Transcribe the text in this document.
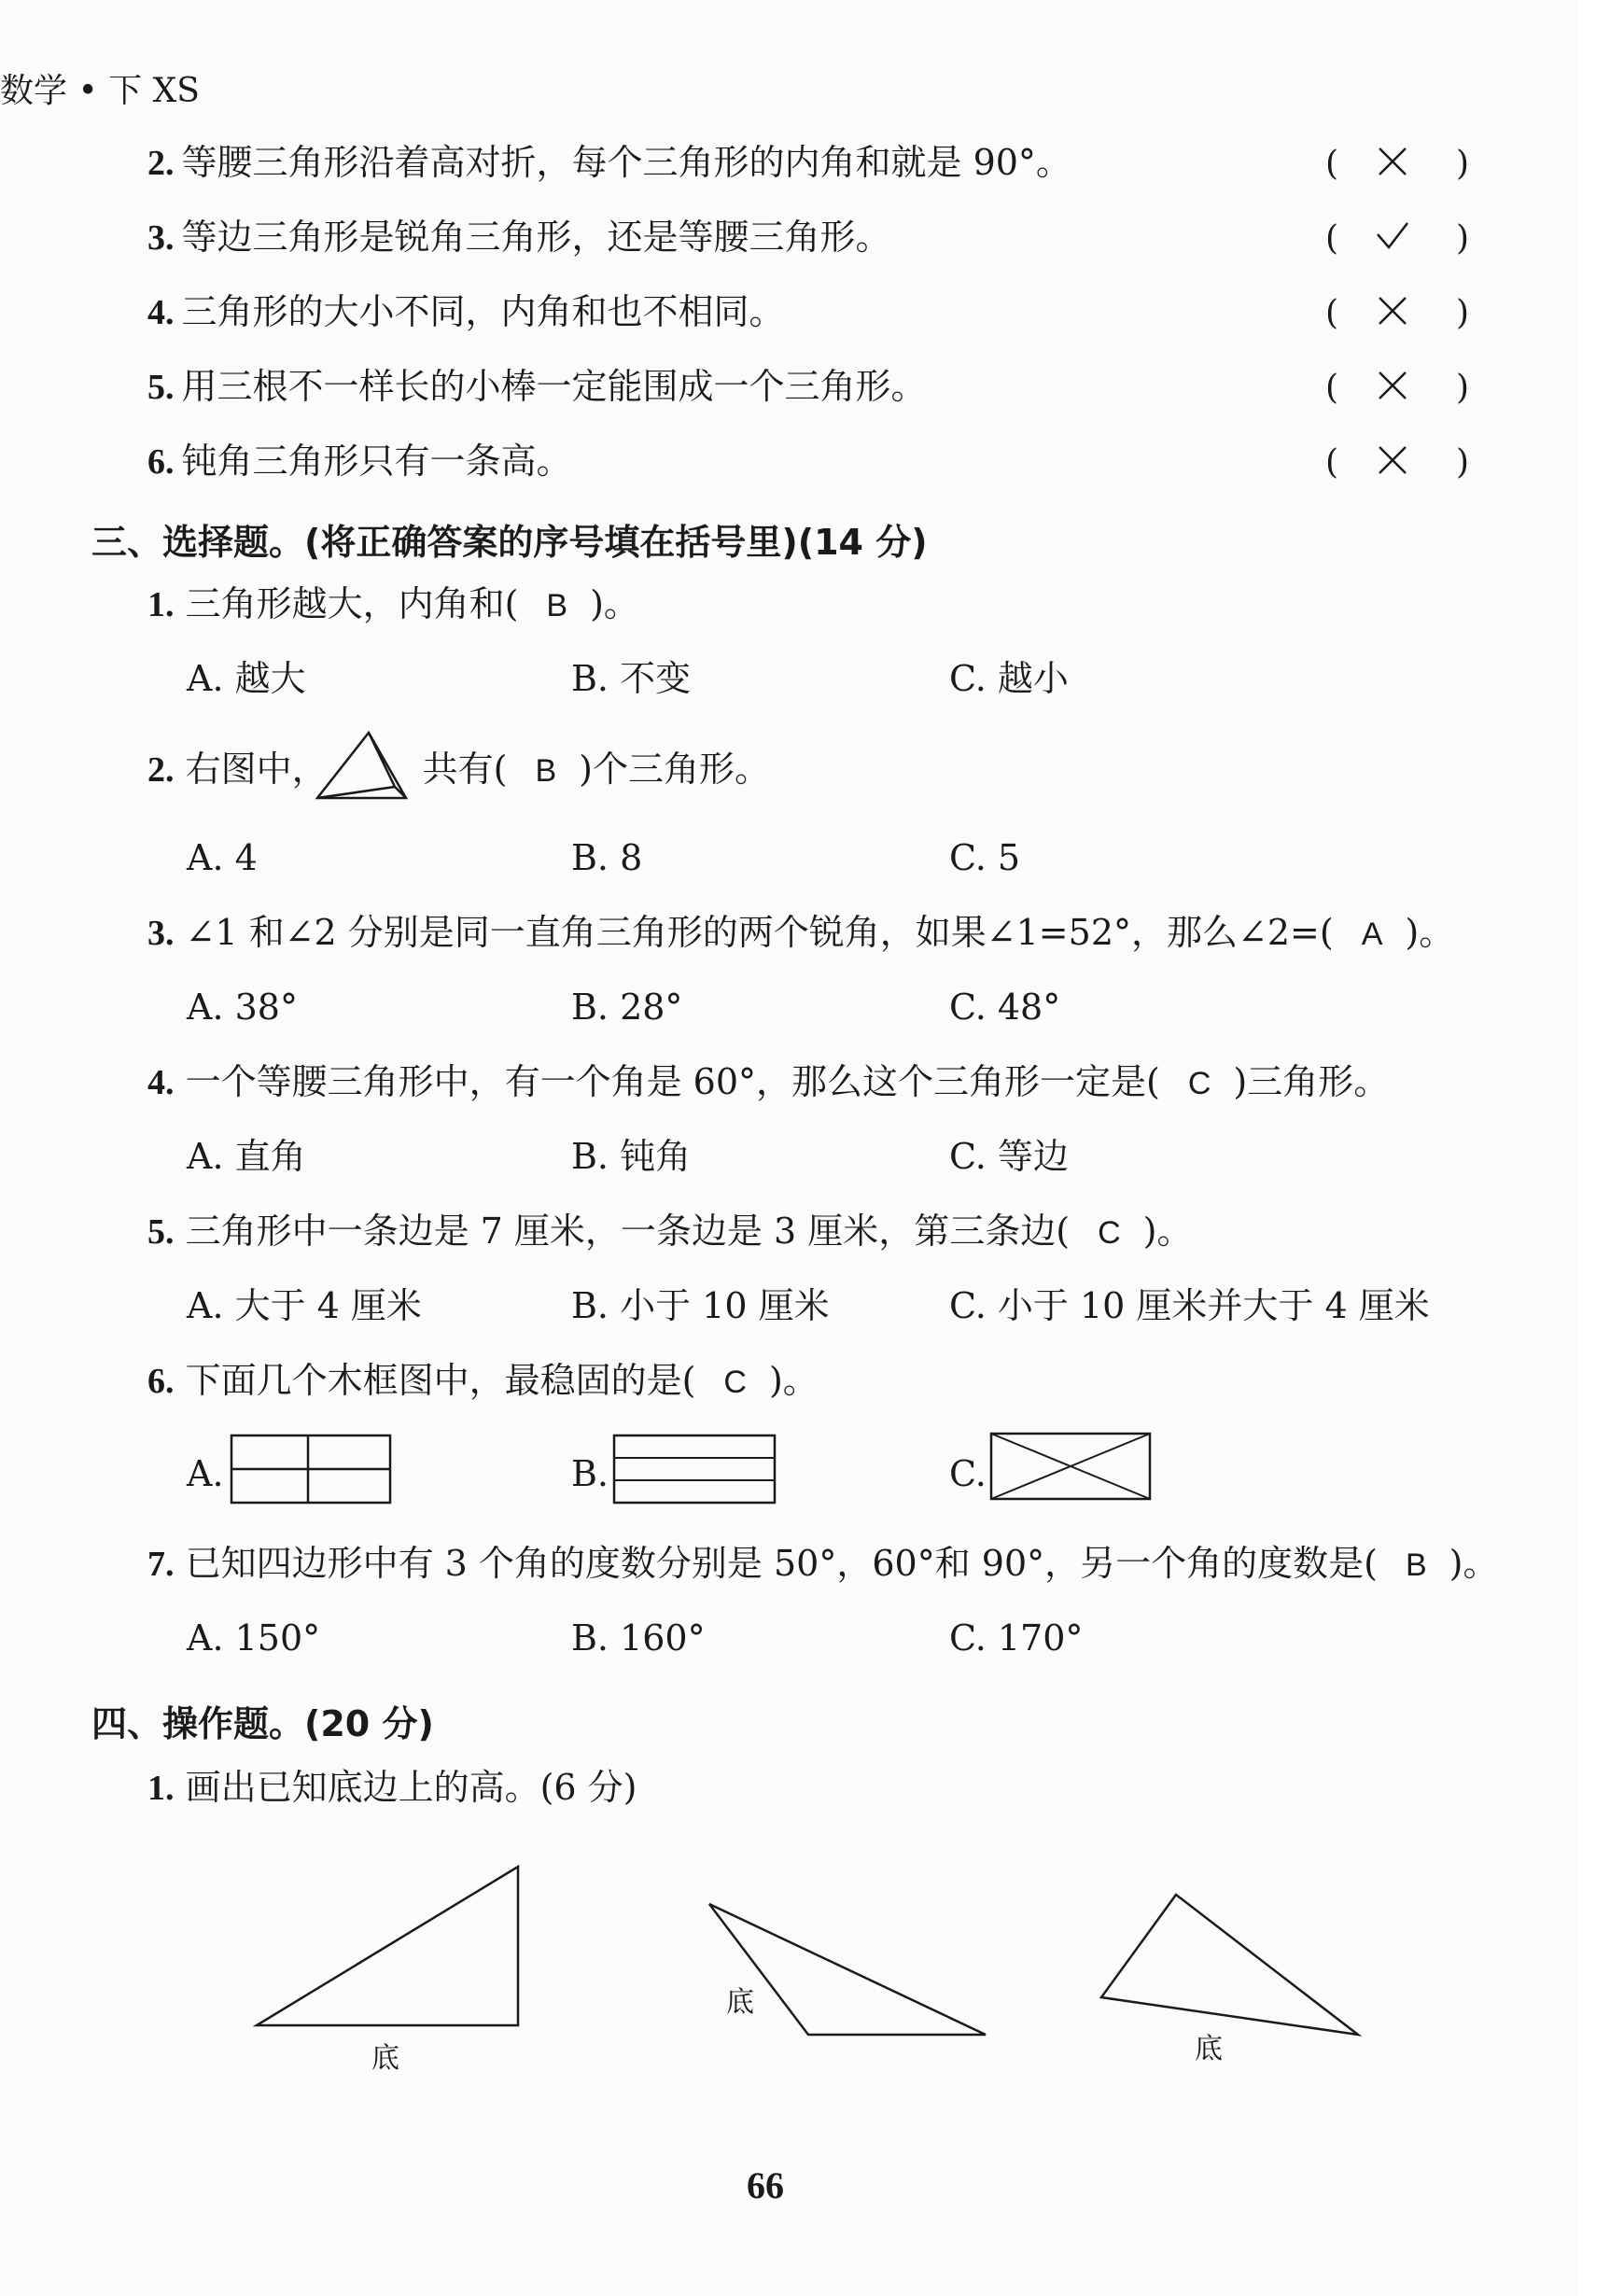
数学 • 下 XS
2. 等腰三角形沿着高对折，每个三角形的内角和就是 90°。	(	)
3. 等边三角形是锐角三角形，还是等腰三角形。	(	)
4. 三角形的大小不同，内角和也不相同。	(	)
5. 用三根不一样长的小棒一定能围成一个三角形。	(	)
6. 钝角三角形只有一条高。	(	)
三、选择题。(将正确答案的序号填在括号里)(14 分)
1. 三角形越大，内角和( B )。
A. 越大	B. 不变	C. 越小
2. 右图中，	共有( B )个三角形。
A. 4	B. 8	C. 5
3. ∠1 和∠2 分别是同一直角三角形的两个锐角，如果∠1=52°，那么∠2=( A )。
A. 38°	B. 28°	C. 48°
4. 一个等腰三角形中，有一个角是 60°，那么这个三角形一定是( C )三角形。
A. 直角	B. 钝角	C. 等边
5. 三角形中一条边是 7 厘米，一条边是 3 厘米，第三条边( C )。
A. 大于 4 厘米	B. 小于 10 厘米	C. 小于 10 厘米并大于 4 厘米
6. 下面几个木框图中，最稳固的是( C )。
A.	B.	C.
7. 已知四边形中有 3 个角的度数分别是 50°，60°和 90°，另一个角的度数是( B )。
A. 150°	B. 160°	C. 170°
四、操作题。(20 分)
1. 画出已知底边上的高。(6 分)
底
底
底
66
